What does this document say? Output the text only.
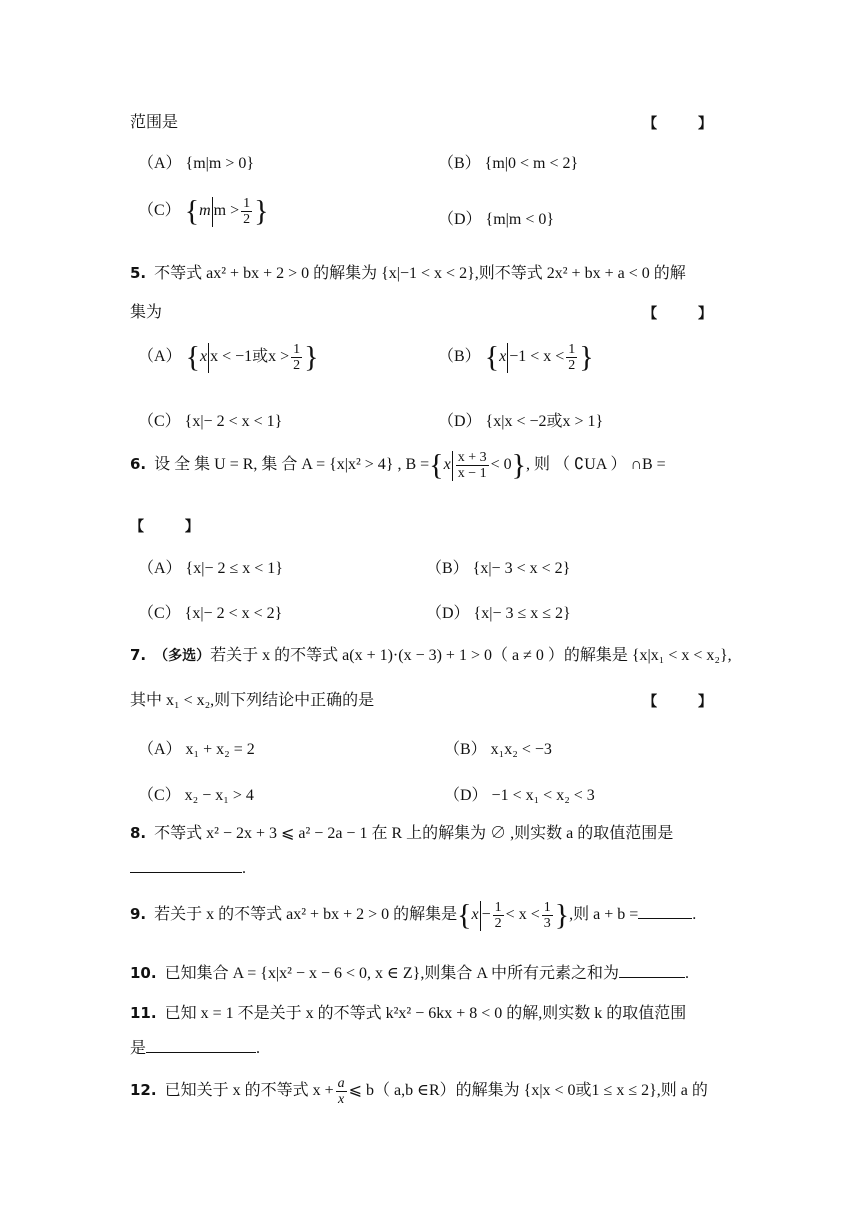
范围是	【 】
（A） {m|m > 0}	（B） {m|0 < m < 2}
（C） {m $m > \frac{1}{2}$ }	（D） {m|m < 0}
5. 不等式 ax² + bx + 2 > 0 的解集为 {x|−1 < x < 2},则不等式 2x² + bx + a < 0 的解
集为	【 】
（A） {x x < −1或$x > \frac{1}{2}$ }	（B） {$x -1 < x < \frac{1}{2}$ }
（C） {x|− 2 < x < 1}	（D） {x|x < −2或x > 1}
6. 设 全 集 U = R, 集 合 A = {x|x² > 4} , $B =\{x \frac{x + 3}{x - 1} < 0\}$, 则 （ ∁UA ） ∩B =
【 】
（A） {x|− 2 ≤ x < 1}	（B） {x|− 3 < x < 2}
（C） {x|− 2 < x < 2}	（D） {x|− 3 ≤ x ≤ 2}
7. （多选）若关于 x 的不等式 a(x + 1)·(x − 3) + 1 > 0（ a ≠ 0 ）的解集是 {x|x₁ < x < x₂},
其中 x₁ < x₂,则下列结论中正确的是	【 】
（A） x₁ + x₂ = 2	（B） x₁x₂ < −3
（C） x₂ − x₁ > 4	（D） −1 < x₁ < x₂ < 3
8. 不等式 x² − 2x + 3 ⩽ a² − 2a − 1 在 R 上的解集为 ∅ ,则实数 a 的取值范围是
.
9. 若关于 x 的不等式 ax² + bx + 2 > 0 的解集是{$x - \frac{1}{2} < x < \frac{1}{3}$ },则 a + b =	.
10. 已知集合 A = {x|x² − x − 6 < 0, x ∈ Z},则集合 A 中所有元素之和为	.
11. 已知 x = 1 不是关于 x 的不等式 k²x² − 6kx + 8 < 0 的解,则实数 k 的取值范围
是	.
12. 已知关于 x 的不等式 $x + \frac{a}{x}$ ⩽ b（ a,b ∈R）的解集为 {x|x < 0或1 ≤ x ≤ 2},则 a 的
